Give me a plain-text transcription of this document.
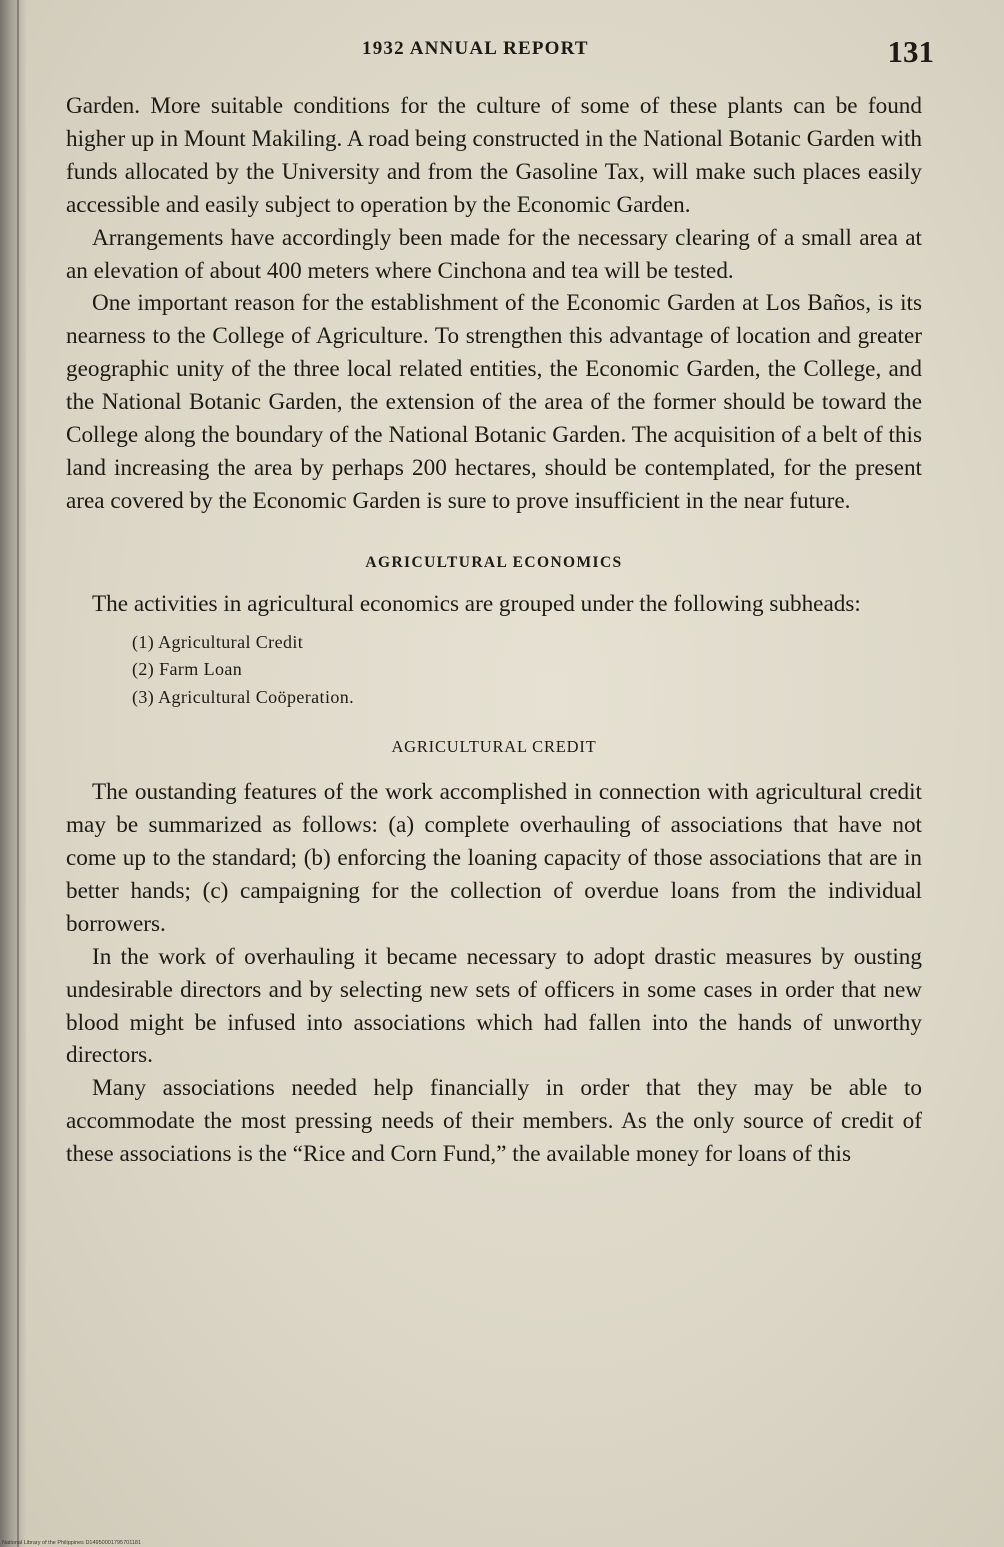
1932 ANNUAL REPORT	131

Garden. More suitable conditions for the culture of some of these plants can be found higher up in Mount Makiling. A road being constructed in the National Botanic Garden with funds allocated by the University and from the Gasoline Tax, will make such places easily accessible and easily subject to operation by the Economic Garden.

Arrangements have accordingly been made for the necessary clearing of a small area at an elevation of about 400 meters where Cinchona and tea will be tested.

One important reason for the establishment of the Economic Garden at Los Baños, is its nearness to the College of Agriculture. To strengthen this advantage of location and greater geographic unity of the three local related entities, the Economic Garden, the College, and the National Botanic Garden, the extension of the area of the former should be toward the College along the boundary of the National Botanic Garden. The acquisition of a belt of this land increasing the area by perhaps 200 hectares, should be contemplated, for the present area covered by the Economic Garden is sure to prove insufficient in the near future.

AGRICULTURAL ECONOMICS

The activities in agricultural economics are grouped under the following subheads:

(1) Agricultural Credit
(2) Farm Loan
(3) Agricultural Coöperation.
AGRICULTURAL CREDIT

The oustanding features of the work accomplished in connection with agricultural credit may be summarized as follows: (a) complete overhauling of associations that have not come up to the standard; (b) enforcing the loaning capacity of those associations that are in better hands; (c) campaigning for the collection of overdue loans from the individual borrowers.

In the work of overhauling it became necessary to adopt drastic measures by ousting undesirable directors and by selecting new sets of officers in some cases in order that new blood might be infused into associations which had fallen into the hands of unworthy directors.

Many associations needed help financially in order that they may be able to accommodate the most pressing needs of their members. As the only source of credit of these associations is the “Rice and Corn Fund,” the available money for loans of this

National Library of the Philippines D14950001795701181
